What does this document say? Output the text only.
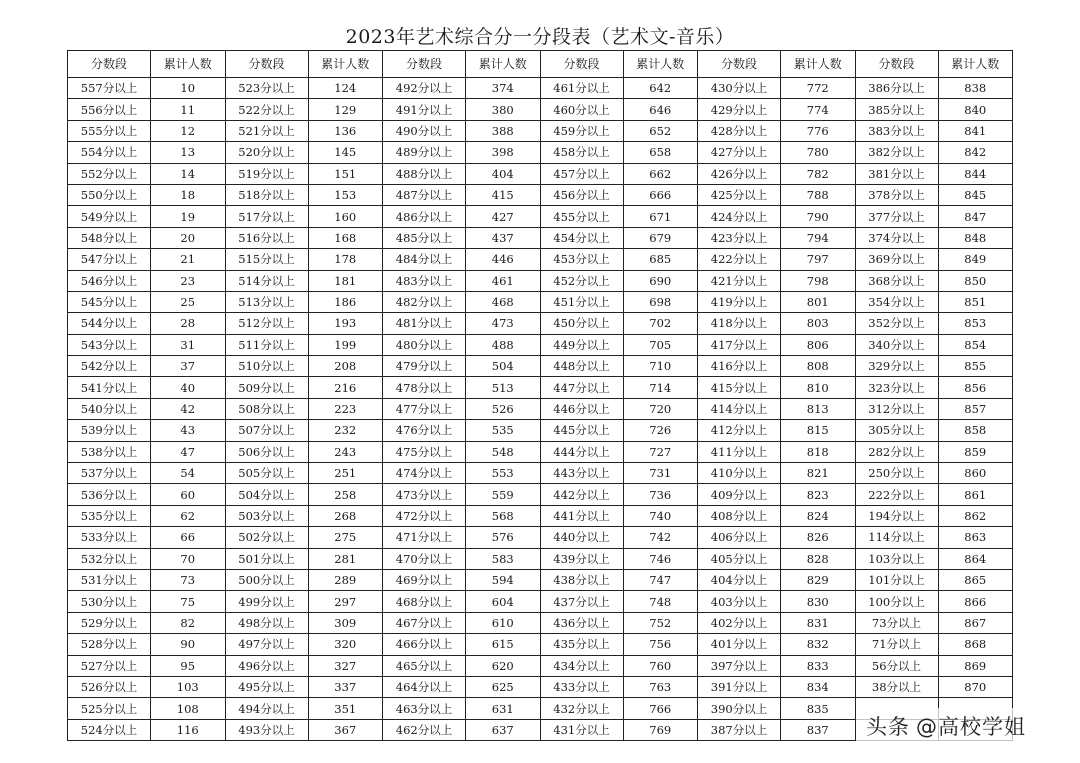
2023年艺术综合分一分段表（艺术文-音乐）
分数段	累计人数	分数段	累计人数	分数段	累计人数	分数段	累计人数	分数段	累计人数	分数段	累计人数
557分以上	10	523分以上	124	492分以上	374	461分以上	642	430分以上	772	386分以上	838
556分以上	11	522分以上	129	491分以上	380	460分以上	646	429分以上	774	385分以上	840
555分以上	12	521分以上	136	490分以上	388	459分以上	652	428分以上	776	383分以上	841
554分以上	13	520分以上	145	489分以上	398	458分以上	658	427分以上	780	382分以上	842
552分以上	14	519分以上	151	488分以上	404	457分以上	662	426分以上	782	381分以上	844
550分以上	18	518分以上	153	487分以上	415	456分以上	666	425分以上	788	378分以上	845
549分以上	19	517分以上	160	486分以上	427	455分以上	671	424分以上	790	377分以上	847
548分以上	20	516分以上	168	485分以上	437	454分以上	679	423分以上	794	374分以上	848
547分以上	21	515分以上	178	484分以上	446	453分以上	685	422分以上	797	369分以上	849
546分以上	23	514分以上	181	483分以上	461	452分以上	690	421分以上	798	368分以上	850
545分以上	25	513分以上	186	482分以上	468	451分以上	698	419分以上	801	354分以上	851
544分以上	28	512分以上	193	481分以上	473	450分以上	702	418分以上	803	352分以上	853
543分以上	31	511分以上	199	480分以上	488	449分以上	705	417分以上	806	340分以上	854
542分以上	37	510分以上	208	479分以上	504	448分以上	710	416分以上	808	329分以上	855
541分以上	40	509分以上	216	478分以上	513	447分以上	714	415分以上	810	323分以上	856
540分以上	42	508分以上	223	477分以上	526	446分以上	720	414分以上	813	312分以上	857
539分以上	43	507分以上	232	476分以上	535	445分以上	726	412分以上	815	305分以上	858
538分以上	47	506分以上	243	475分以上	548	444分以上	727	411分以上	818	282分以上	859
537分以上	54	505分以上	251	474分以上	553	443分以上	731	410分以上	821	250分以上	860
536分以上	60	504分以上	258	473分以上	559	442分以上	736	409分以上	823	222分以上	861
535分以上	62	503分以上	268	472分以上	568	441分以上	740	408分以上	824	194分以上	862
533分以上	66	502分以上	275	471分以上	576	440分以上	742	406分以上	826	114分以上	863
532分以上	70	501分以上	281	470分以上	583	439分以上	746	405分以上	828	103分以上	864
531分以上	73	500分以上	289	469分以上	594	438分以上	747	404分以上	829	101分以上	865
530分以上	75	499分以上	297	468分以上	604	437分以上	748	403分以上	830	100分以上	866
529分以上	82	498分以上	309	467分以上	610	436分以上	752	402分以上	831	73分以上	867
528分以上	90	497分以上	320	466分以上	615	435分以上	756	401分以上	832	71分以上	868
527分以上	95	496分以上	327	465分以上	620	434分以上	760	397分以上	833	56分以上	869
526分以上	103	495分以上	337	464分以上	625	433分以上	763	391分以上	834	38分以上	870
525分以上	108	494分以上	351	463分以上	631	432分以上	766	390分以上	835		
524分以上	116	493分以上	367	462分以上	637	431分以上	769	387分以上	837		头条 @高校学姐
